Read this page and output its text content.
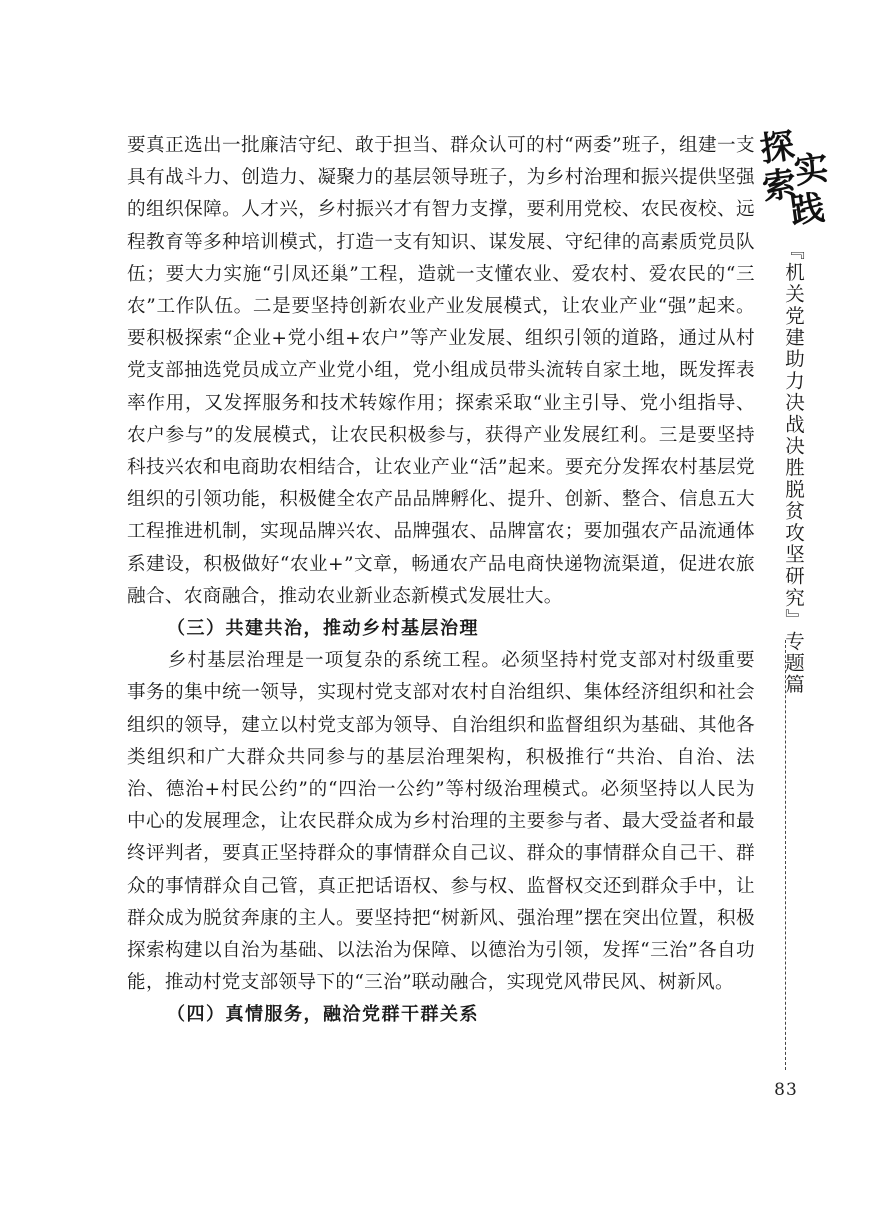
要真正选出一批廉洁守纪、敢于担当、群众认可的村“两委”班子，组建一支具有战斗力、创造力、凝聚力的基层领导班子，为乡村治理和振兴提供坚强的组织保障。人才兴，乡村振兴才有智力支撑，要利用党校、农民夜校、远程教育等多种培训模式，打造一支有知识、谋发展、守纪律的高素质党员队伍；要大力实施“引凤还巢”工程，造就一支懂农业、爱农村、爱农民的“三农”工作队伍。二是要坚持创新农业产业发展模式，让农业产业“强”起来。要积极探索“企业+党小组+农户”等产业发展、组织引领的道路，通过从村党支部抽选党员成立产业党小组，党小组成员带头流转自家土地，既发挥表率作用，又发挥服务和技术转嫁作用；探索采取“业主引导、党小组指导、农户参与”的发展模式，让农民积极参与，获得产业发展红利。三是要坚持科技兴农和电商助农相结合，让农业产业“活”起来。要充分发挥农村基层党组织的引领功能，积极健全农产品品牌孵化、提升、创新、整合、信息五大工程推进机制，实现品牌兴农、品牌强农、品牌富农；要加强农产品流通体系建设，积极做好“农业+”文章，畅通农产品电商快递物流渠道，促进农旅融合、农商融合，推动农业新业态新模式发展壮大。

（三）共建共治，推动乡村基层治理

乡村基层治理是一项复杂的系统工程。必须坚持村党支部对村级重要事务的集中统一领导，实现村党支部对农村自治组织、集体经济组织和社会组织的领导，建立以村党支部为领导、自治组织和监督组织为基础、其他各类组织和广大群众共同参与的基层治理架构，积极推行“共治、自治、法治、德治+村民公约”的“四治一公约”等村级治理模式。必须坚持以人民为中心的发展理念，让农民群众成为乡村治理的主要参与者、最大受益者和最终评判者，要真正坚持群众的事情群众自己议、群众的事情群众自己干、群众的事情群众自己管，真正把话语权、参与权、监督权交还到群众手中，让群众成为脱贫奔康的主人。要坚持把“树新风、强治理”摆在突出位置，积极探索构建以自治为基础、以法治为保障、以德治为引领，发挥“三治”各自功能，推动村党支部领导下的“三治”联动融合，实现党风带民风、树新风。

（四）真情服务，融洽党群干群关系

探
索
实
践
『机关党建助力决战决胜脱贫攻坚研究』专题篇
83
